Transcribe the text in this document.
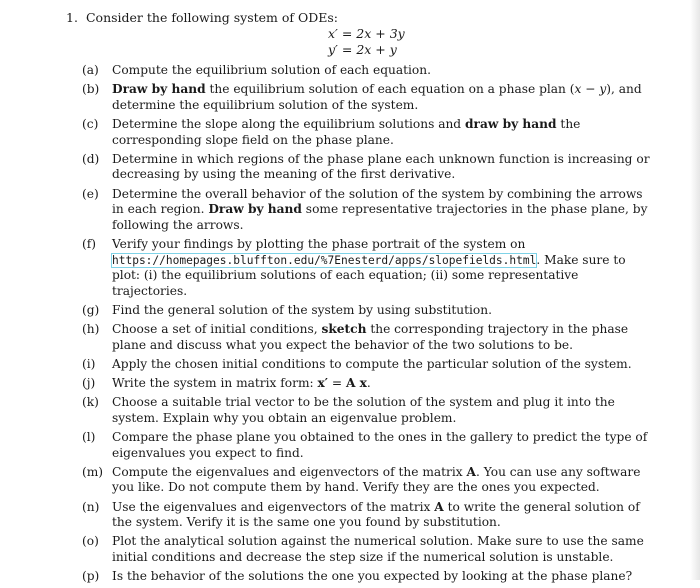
1. Consider the following system of ODEs:
x′ = 2x + 3y
y′ = 2x + y
(a)	Compute the equilibrium solution of each equation.
(b)	Draw by hand the equilibrium solution of each equation on a phase plan (x − y), and determine the equilibrium solution of the system.
(c)	Determine the slope along the equilibrium solutions and draw by hand the corresponding slope field on the phase plane.
(d)	Determine in which regions of the phase plane each unknown function is increasing or decreasing by using the meaning of the first derivative.
(e)	Determine the overall behavior of the solution of the system by combining the arrows in each region. Draw by hand some representative trajectories in the phase plane, by following the arrows.
(f)	Verify your findings by plotting the phase portrait of the system on https://homepages.bluffton.edu/%7Enesterd/apps/slopefields.html. Make sure to plot: (i) the equilibrium solutions of each equation; (ii) some representative trajectories.
(g)	Find the general solution of the system by using substitution.
(h)	Choose a set of initial conditions, sketch the corresponding trajectory in the phase plane and discuss what you expect the behavior of the two solutions to be.
(i)	Apply the chosen initial conditions to compute the particular solution of the system.
(j)	Write the system in matrix form: x′ = A x.
(k)	Choose a suitable trial vector to be the solution of the system and plug it into the system. Explain why you obtain an eigenvalue problem.
(l)	Compare the phase plane you obtained to the ones in the gallery to predict the type of eigenvalues you expect to find.
(m) Compute the eigenvalues and eigenvectors of the matrix A. You can use any software you like. Do not compute them by hand. Verify they are the ones you expected.
(n)	Use the eigenvalues and eigenvectors of the matrix A to write the general solution of the system. Verify it is the same one you found by substitution.
(o)	Plot the analytical solution against the numerical solution. Make sure to use the same initial conditions and decrease the step size if the numerical solution is unstable.
(p)	Is the behavior of the solutions the one you expected by looking at the phase plane?
